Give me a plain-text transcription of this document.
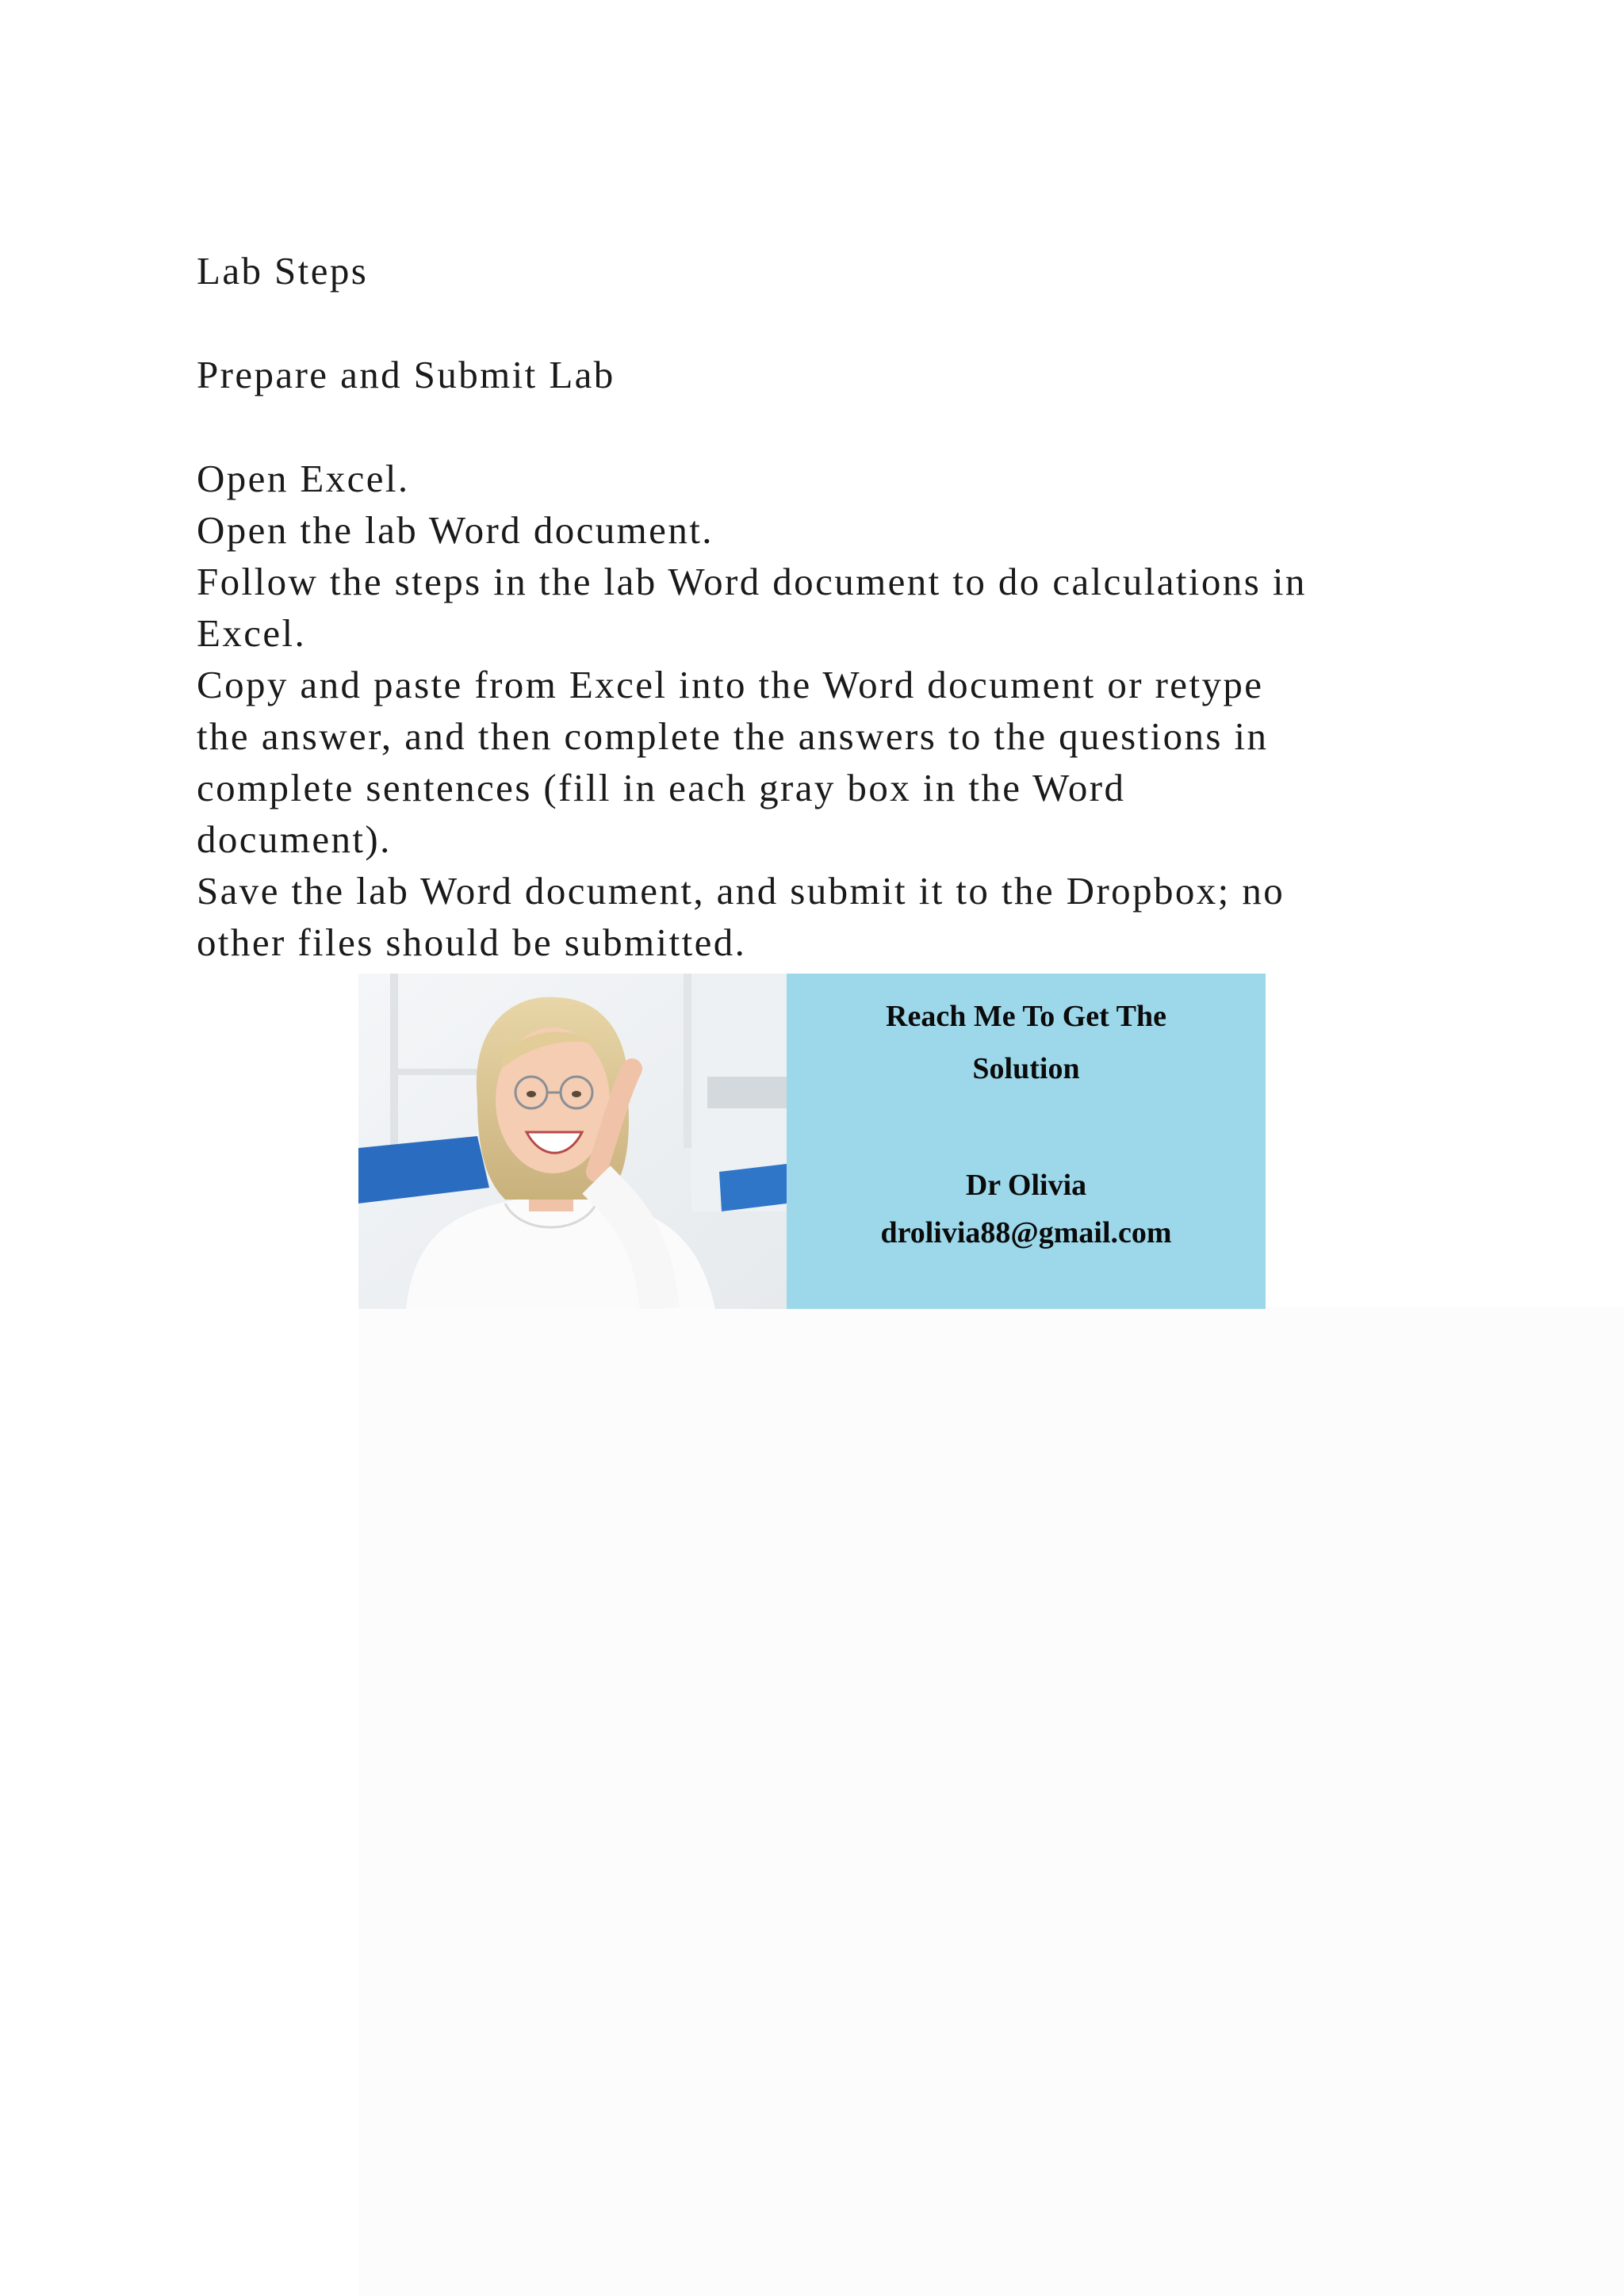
Lab Steps
Prepare and Submit Lab

Open Excel.

Open the lab Word document.

Follow the steps in the lab Word document to do calculations in

Excel.

Copy and paste from Excel into the Word document or retype

the answer, and then complete the answers to the questions in

complete sentences (fill in each gray box in the Word

document).

Save the lab Word document, and submit it to the Dropbox; no

other files should be submitted.

Reach Me To Get The
Solution
Dr Olivia
drolivia88@gmail.com
